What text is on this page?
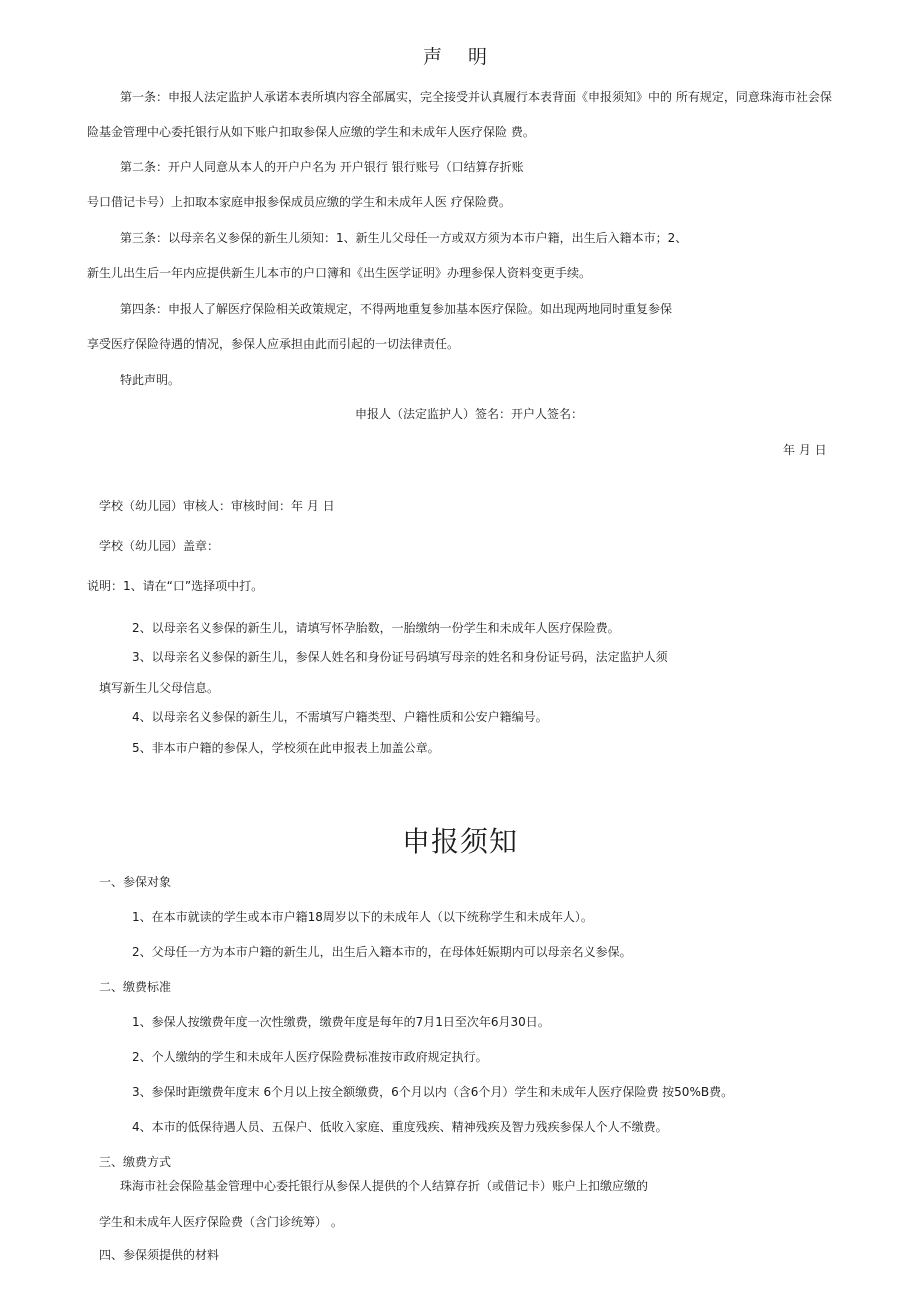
声 明
第一条：申报人法定监护人承诺本表所填内容全部属实，完全接受并认真履行本表背面《申报须知》中的 所有规定，同意珠海市社会保
险基金管理中心委托银行从如下账户扣取参保人应缴的学生和未成年人医疗保险 费。
第二条：开户人同意从本人的开户户名为 开户银行 银行账号（口结算存折账
号口借记卡号）上扣取本家庭申报参保成员应缴的学生和未成年人医 疗保险费。
第三条：以母亲名义参保的新生儿须知：1、新生儿父母任一方或双方须为本市户籍，出生后入籍本市；2、
新生儿出生后一年内应提供新生儿本市的户口簿和《出生医学证明》办理参保人资料变更手续。
第四条：申报人了解医疗保险相关政策规定，不得两地重复参加基本医疗保险。如出现两地同时重复参保
享受医疗保险待遇的情况，参保人应承担由此而引起的一切法律责任。
特此声明。
申报人（法定监护人）签名：开户人签名：
年 月 日
学校（幼儿园）审核人：审核时间：年 月 日
学校（幼儿园）盖章：
说明：1、请在“口”选择项中打。
2、以母亲名义参保的新生儿，请填写怀孕胎数，一胎缴纳一份学生和未成年人医疗保险费。
3、以母亲名义参保的新生儿，参保人姓名和身份证号码填写母亲的姓名和身份证号码，法定监护人须
填写新生儿父母信息。
4、以母亲名义参保的新生儿，不需填写户籍类型、户籍性质和公安户籍编号。
5、非本市户籍的参保人，学校须在此申报表上加盖公章。
申报须知
一、参保对象
1、在本市就读的学生或本市户籍18周岁以下的未成年人（以下统称学生和未成年人）。
2、父母任一方为本市户籍的新生儿，出生后入籍本市的，在母体妊娠期内可以母亲名义参保。
二、缴费标准
1、参保人按缴费年度一次性缴费，缴费年度是每年的7月1日至次年6月30日。
2、个人缴纳的学生和未成年人医疗保险费标准按市政府规定执行。
3、参保时距缴费年度末 6个月以上按全额缴费，6个月以内（含6个月）学生和未成年人医疗保险费 按50%B费。
4、本市的低保待遇人员、五保户、低收入家庭、重度残疾、精神残疾及智力残疾参保人个人不缴费。
三、缴费方式
珠海市社会保险基金管理中心委托银行从参保人提供的个人结算存折（或借记卡）账户上扣缴应缴的
学生和未成年人医疗保险费（含门诊统筹） 。
四、参保须提供的材料
